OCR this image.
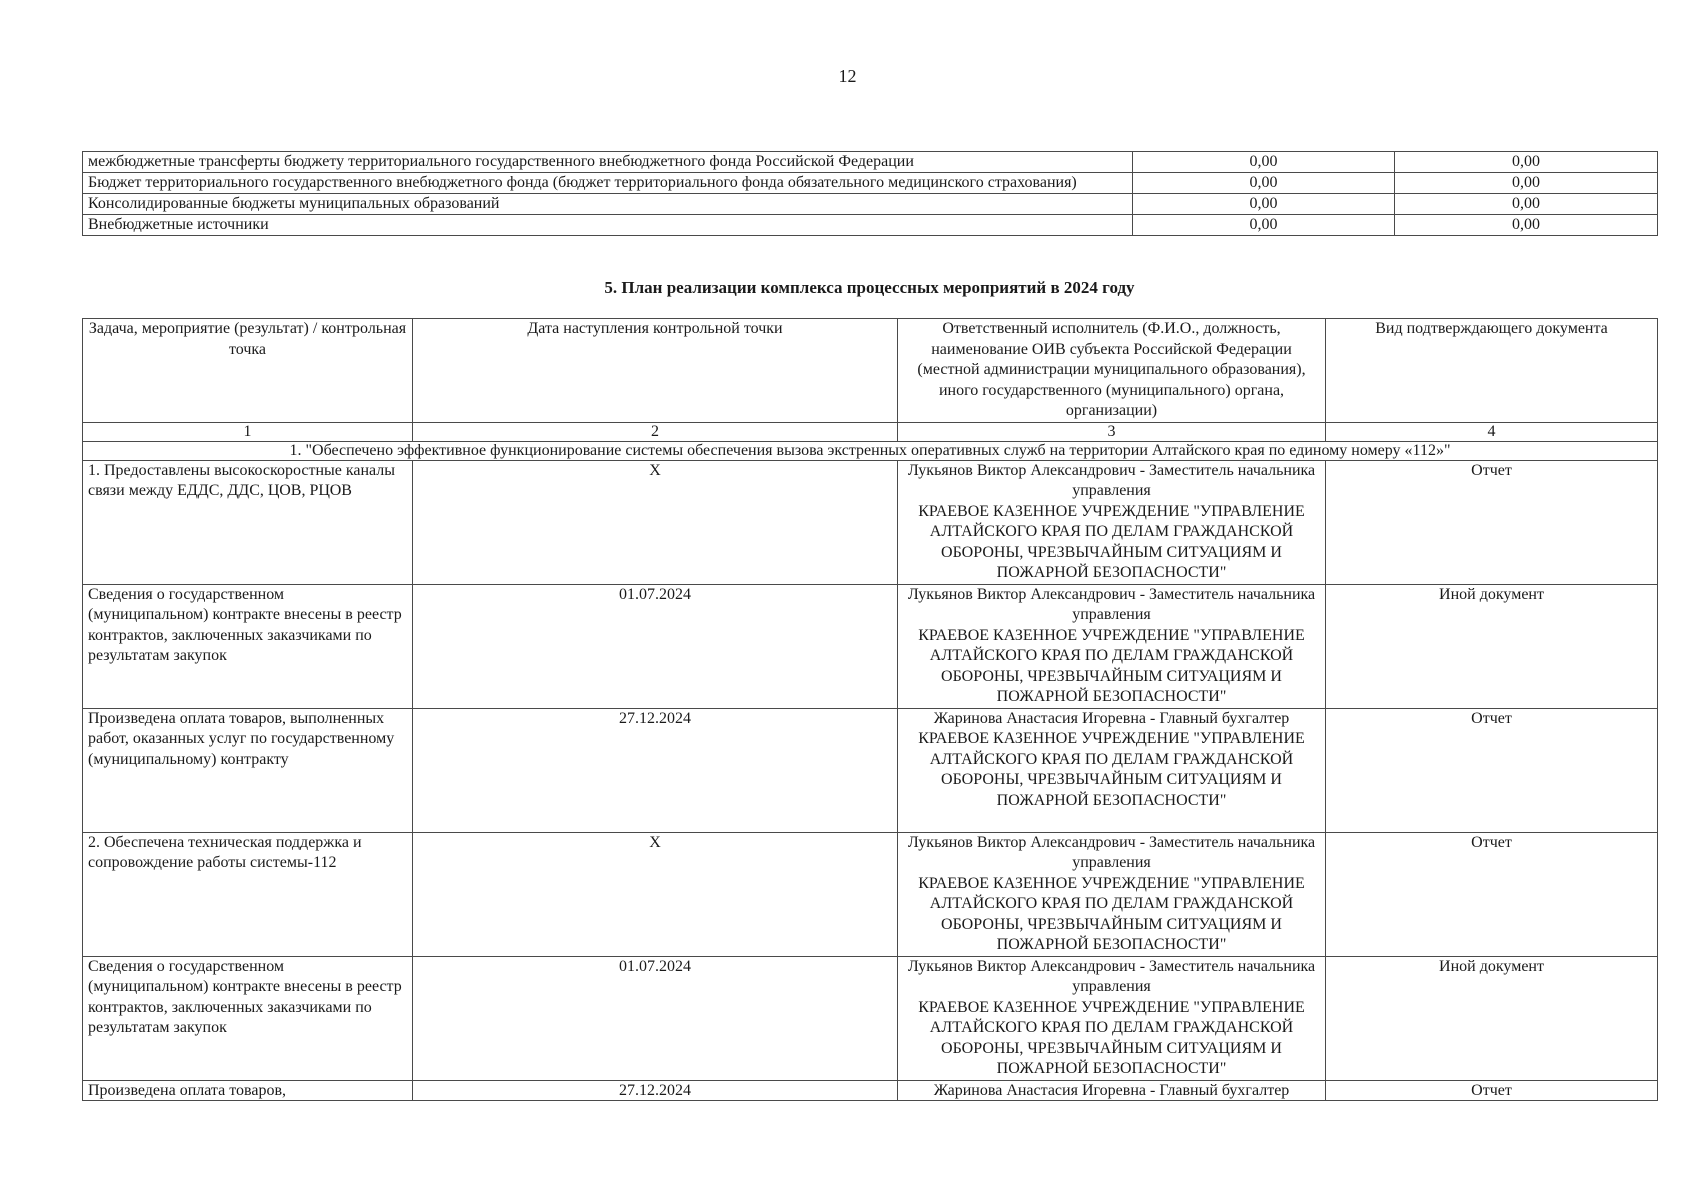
12
межбюджетные трансферты бюджету территориального государственного внебюджетного фонда Российской Федерации	0,00	0,00
Бюджет территориального государственного внебюджетного фонда (бюджет территориального фонда обязательного медицинского страхования)	0,00	0,00
Консолидированные бюджеты муниципальных образований	0,00	0,00
Внебюджетные источники	0,00	0,00
5. План реализации комплекса процессных мероприятий в 2024 году
Задача, мероприятие (результат) / контрольная точка	Дата наступления контрольной точки	Ответственный исполнитель (Ф.И.О., должность, наименование ОИВ субъекта Российской Федерации (местной администрации муниципального образования), иного государственного (муниципального) органа, организации)	Вид подтверждающего документа
1	2	3	4
1. "Обеспечено эффективное функционирование системы обеспечения вызова экстренных оперативных служб на территории Алтайского края по единому номеру «112»"			
1. Предоставлены высокоскоростные каналы связи между ЕДДС, ДДС, ЦОВ, РЦОВ	X	Лукьянов Виктор Александрович - Заместитель начальника управления
КРАЕВОЕ КАЗЕННОЕ УЧРЕЖДЕНИЕ "УПРАВЛЕНИЕ АЛТАЙСКОГО КРАЯ ПО ДЕЛАМ ГРАЖДАНСКОЙ ОБОРОНЫ, ЧРЕЗВЫЧАЙНЫМ СИТУАЦИЯМ И ПОЖАРНОЙ БЕЗОПАСНОСТИ"	Отчет
Сведения о государственном (муниципальном) контракте внесены в реестр контрактов, заключенных заказчиками по результатам закупок	01.07.2024	Лукьянов Виктор Александрович - Заместитель начальника управления
КРАЕВОЕ КАЗЕННОЕ УЧРЕЖДЕНИЕ "УПРАВЛЕНИЕ АЛТАЙСКОГО КРАЯ ПО ДЕЛАМ ГРАЖДАНСКОЙ ОБОРОНЫ, ЧРЕЗВЫЧАЙНЫМ СИТУАЦИЯМ И ПОЖАРНОЙ БЕЗОПАСНОСТИ"	Иной документ
Произведена оплата товаров, выполненных работ, оказанных услуг по государственному (муниципальному) контракту	27.12.2024	Жаринова Анастасия Игоревна - Главный бухгалтер
КРАЕВОЕ КАЗЕННОЕ УЧРЕЖДЕНИЕ "УПРАВЛЕНИЕ АЛТАЙСКОГО КРАЯ ПО ДЕЛАМ ГРАЖДАНСКОЙ ОБОРОНЫ, ЧРЕЗВЫЧАЙНЫМ СИТУАЦИЯМ И ПОЖАРНОЙ БЕЗОПАСНОСТИ"	Отчет
2. Обеспечена техническая поддержка и сопровождение работы системы-112	X	Лукьянов Виктор Александрович - Заместитель начальника управления
КРАЕВОЕ КАЗЕННОЕ УЧРЕЖДЕНИЕ "УПРАВЛЕНИЕ АЛТАЙСКОГО КРАЯ ПО ДЕЛАМ ГРАЖДАНСКОЙ ОБОРОНЫ, ЧРЕЗВЫЧАЙНЫМ СИТУАЦИЯМ И ПОЖАРНОЙ БЕЗОПАСНОСТИ"	Отчет
Сведения о государственном (муниципальном) контракте внесены в реестр контрактов, заключенных заказчиками по результатам закупок	01.07.2024	Лукьянов Виктор Александрович - Заместитель начальника управления
КРАЕВОЕ КАЗЕННОЕ УЧРЕЖДЕНИЕ "УПРАВЛЕНИЕ АЛТАЙСКОГО КРАЯ ПО ДЕЛАМ ГРАЖДАНСКОЙ ОБОРОНЫ, ЧРЕЗВЫЧАЙНЫМ СИТУАЦИЯМ И ПОЖАРНОЙ БЕЗОПАСНОСТИ"	Иной документ
Произведена оплата товаров,	27.12.2024	Жаринова Анастасия Игоревна - Главный бухгалтер	Отчет
